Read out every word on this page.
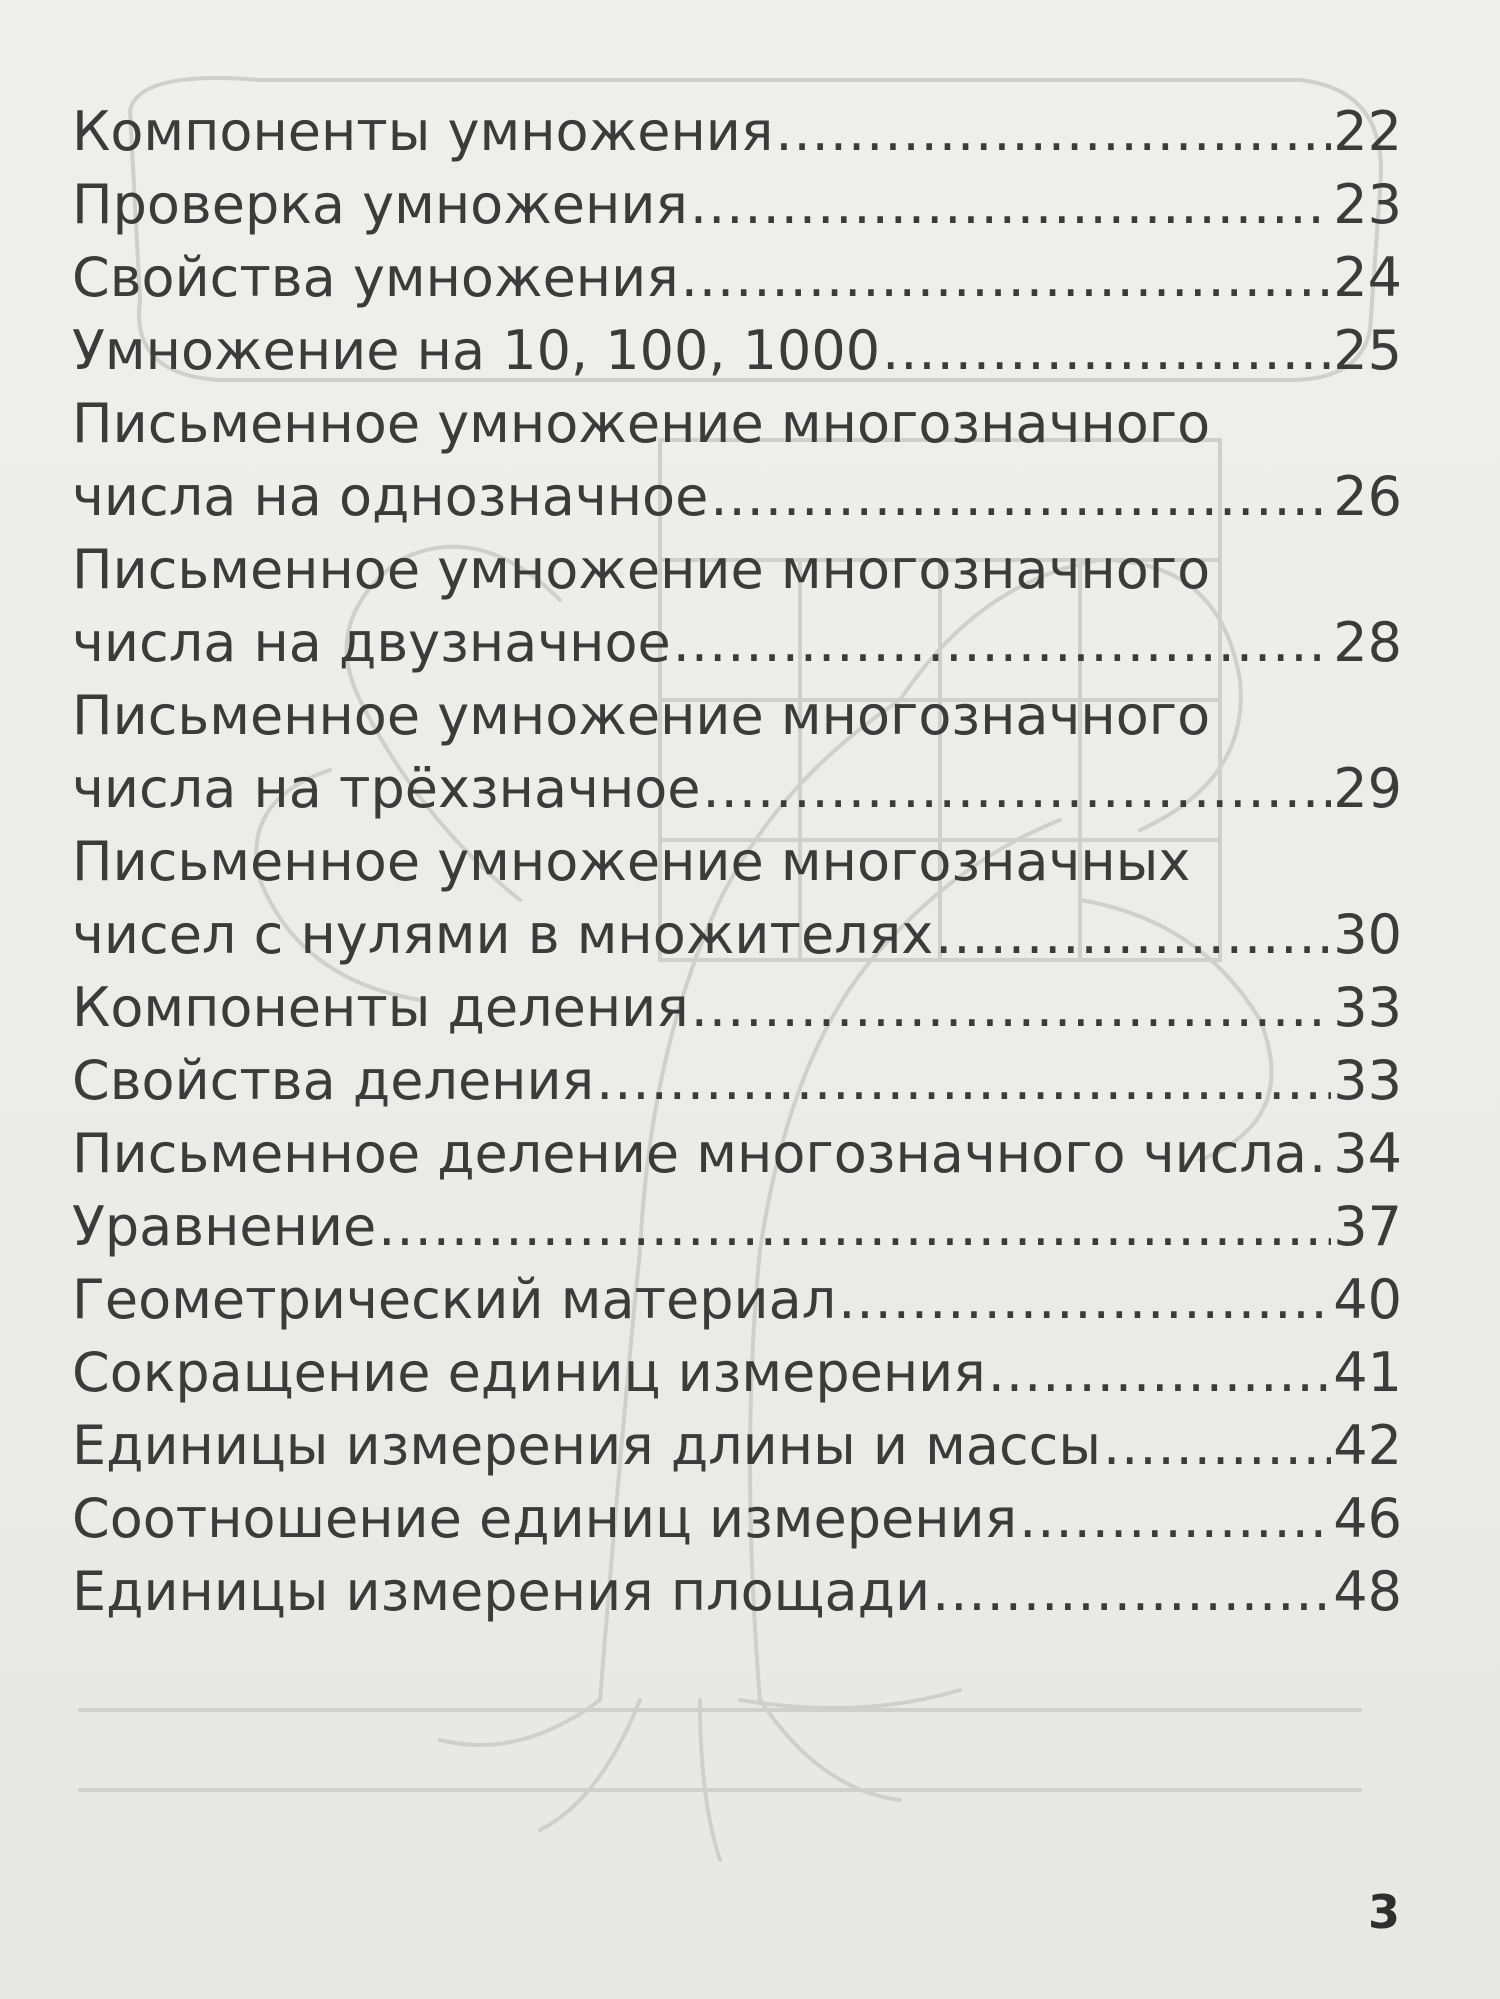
Компоненты умножения .....	22
Проверка умножения .....	23
Свойства умножения .....	24
Умножение на 10, 100, 1000 .....	25
Письменное умножение многозначного
числа на однозначное .....	26
Письменное умножение многозначного
числа на двузначное .....	28
Письменное умножение многозначного
числа на трёхзначное .....	29
Письменное умножение многозначных
чисел с нулями в множителях .....	30
Компоненты деления .....	33
Свойства деления .....	33
Письменное деление многозначного числа ..... 34
Уравнение .....	37
Геометрический материал .....	40
Сокращение единиц измерения .....	41
Единицы измерения длины и массы .....	42
Соотношение единиц измерения .....	46
Единицы измерения площади .....	48
3
